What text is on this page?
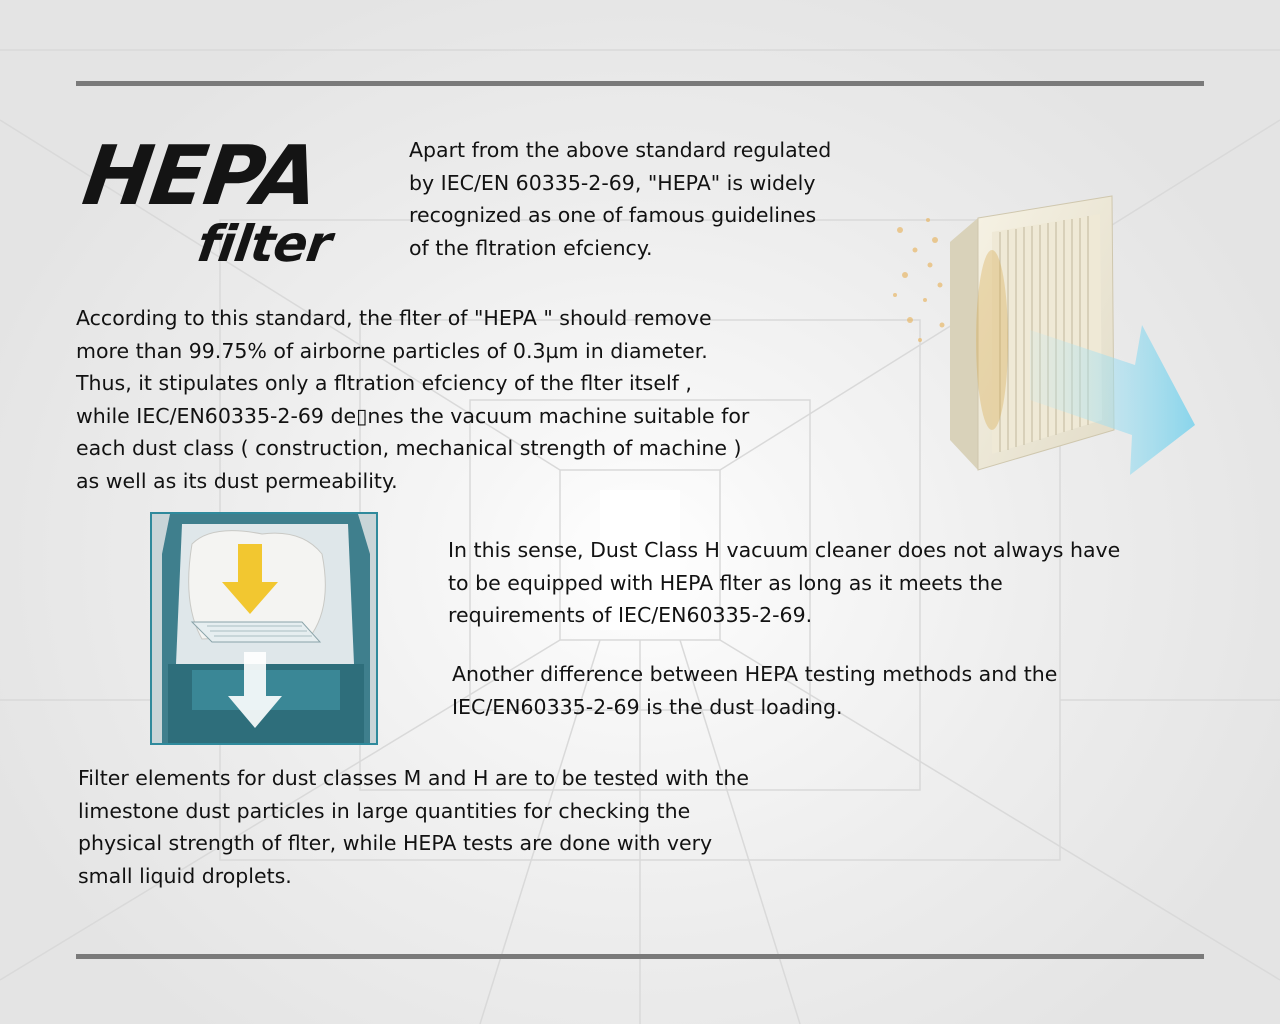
HEPA
filter
Apart from the above standard regulated
by IEC/EN 60335-2-69, "HEPA" is widely
recognized as one of famous guidelines
of the fltration efciency.
According to this standard, the flter of "HEPA " should remove
more than 99.75% of airborne particles of 0.3µm in diameter.
Thus, it stipulates only a fltration efciency of the flter itself ,
while IEC/EN60335-2-69 de▯nes the vacuum machine suitable for
each dust class ( construction, mechanical strength of machine )
as well as its dust permeability.
In this sense, Dust Class H vacuum cleaner does not always have
to be equipped with HEPA flter as long as it meets the
requirements of IEC/EN60335-2-69.
Another difference between HEPA testing methods and the
IEC/EN60335-2-69 is the dust loading.
Filter elements for dust classes M and H are to be tested with the
limestone dust particles in large quantities for checking the
physical strength of flter, while HEPA tests are done with very
small liquid droplets.
